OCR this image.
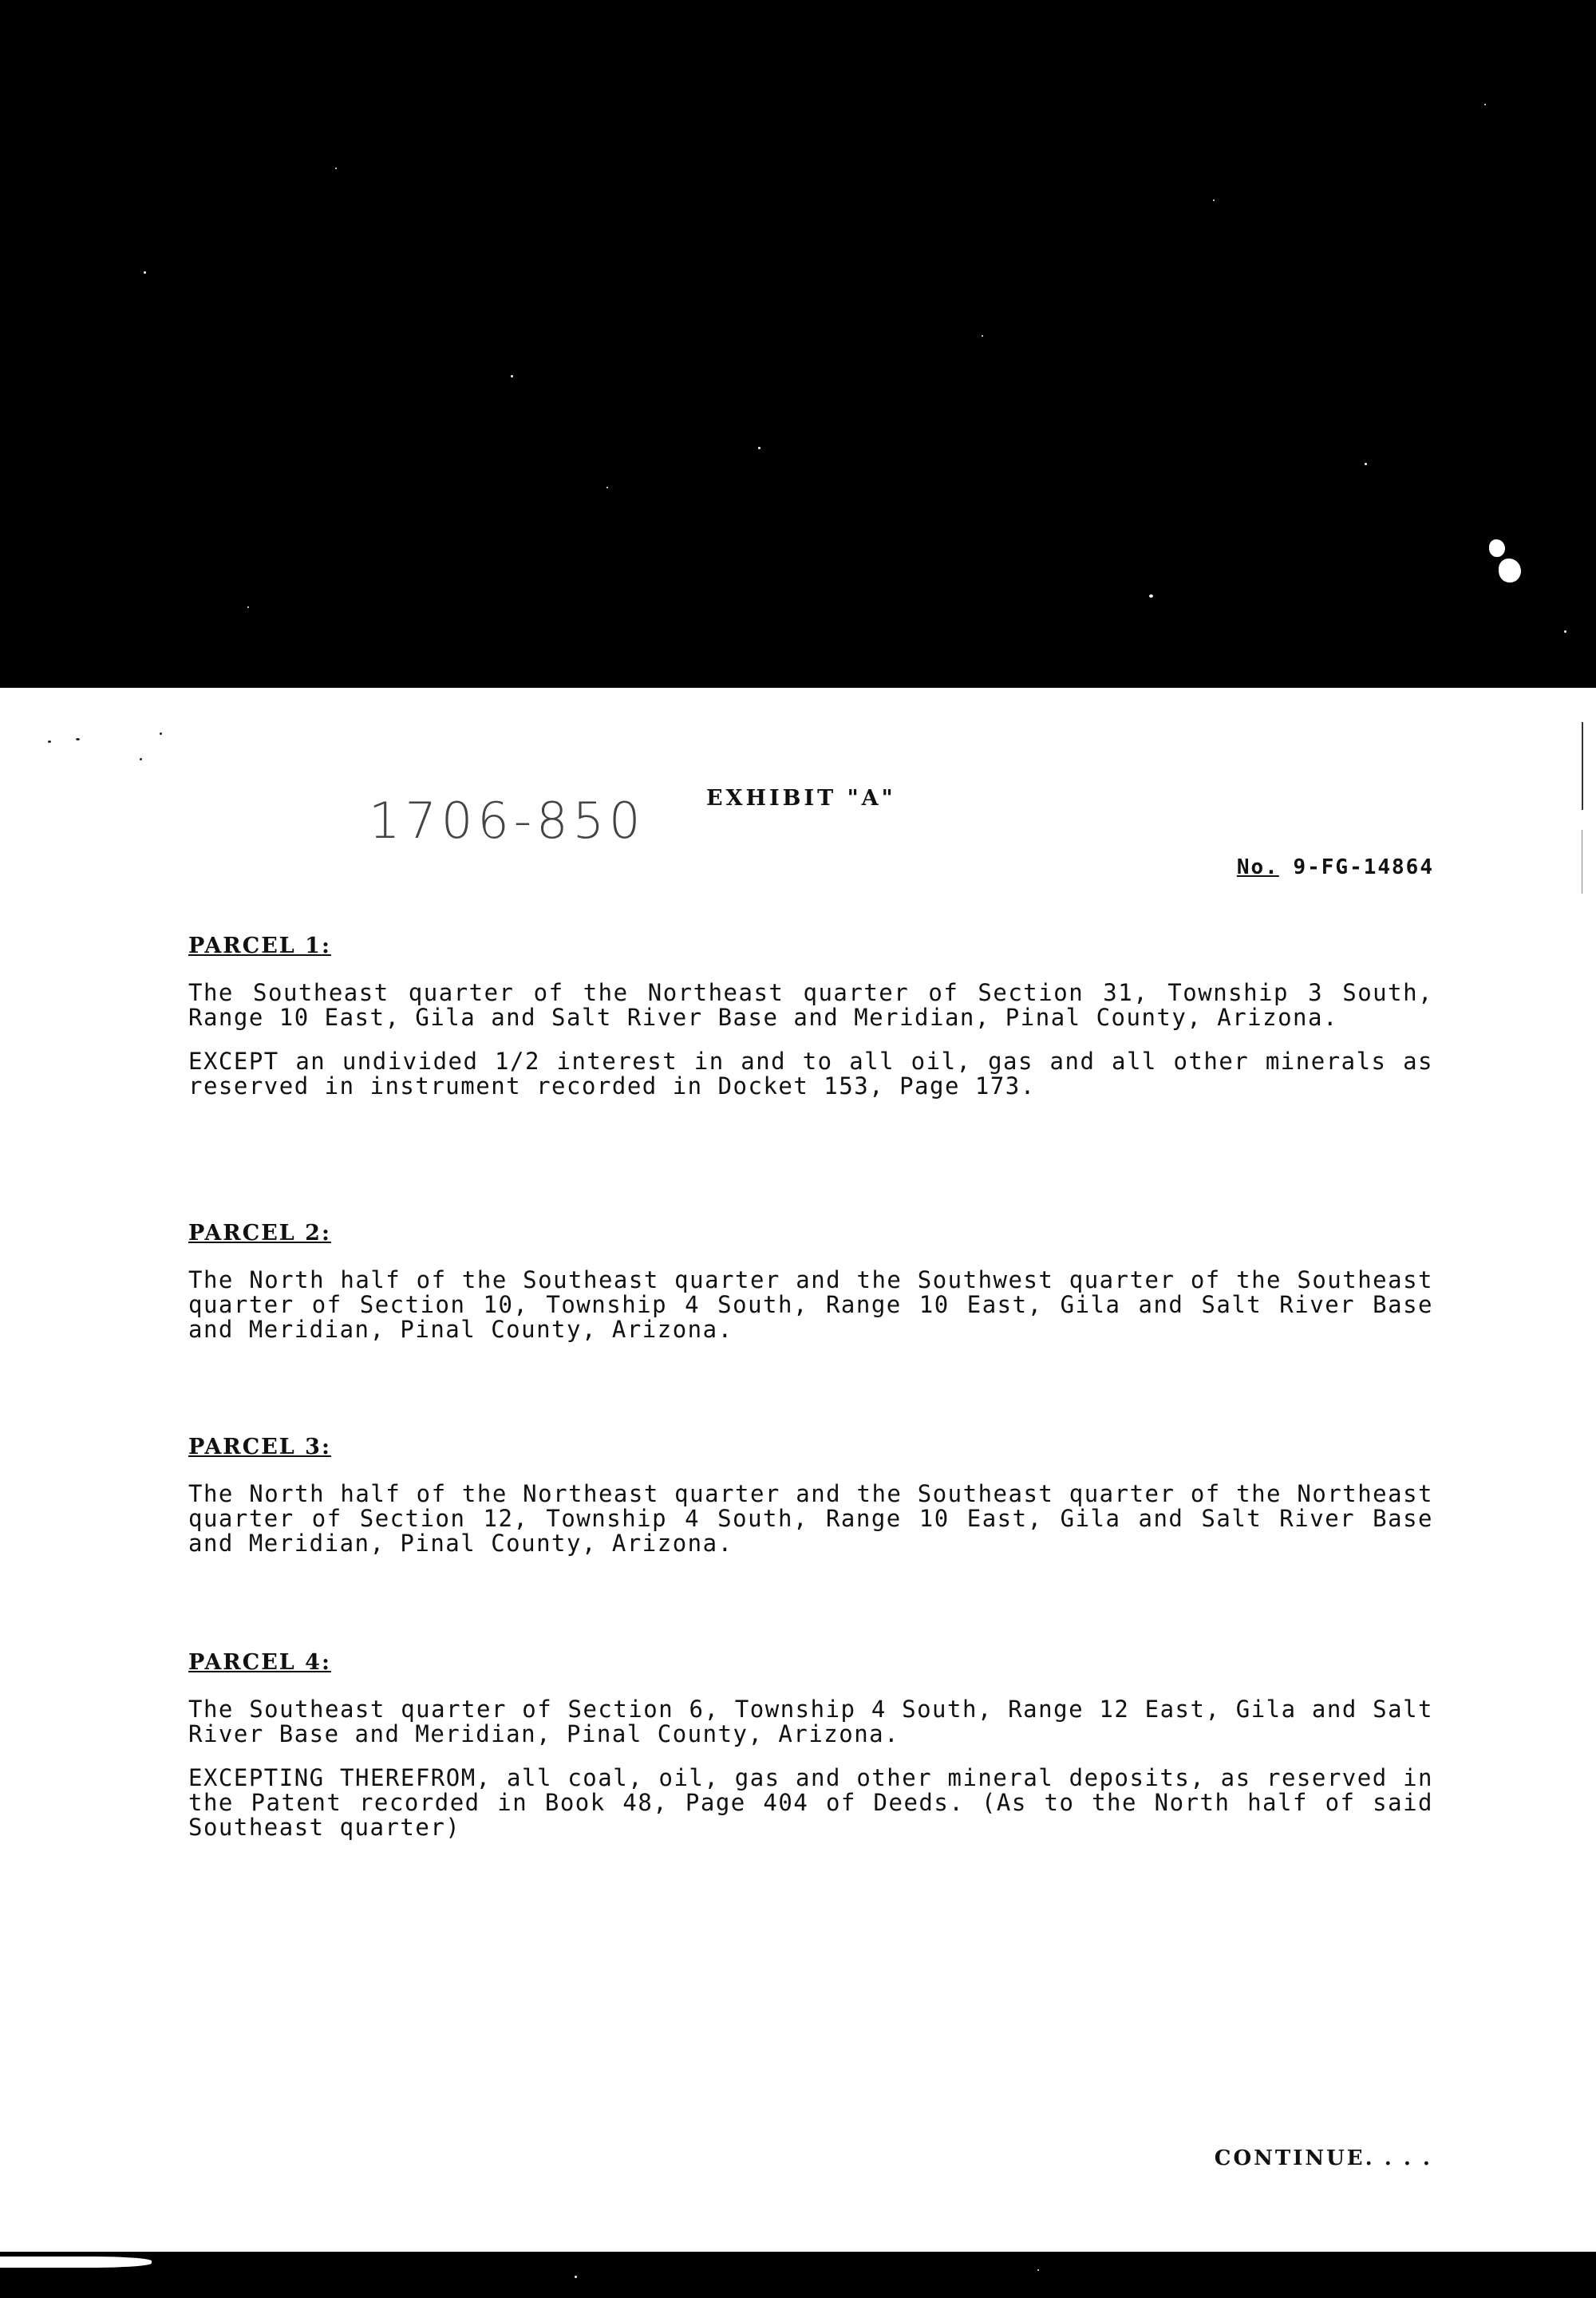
1706-850	EXHIBIT "A"
No. 9-FG-14864
PARCEL 1:
The Southeast quarter of the Northeast quarter of Section 31, Township 3 South, Range 10 East, Gila and Salt River Base and Meridian, Pinal County, Arizona.
EXCEPT an undivided 1/2 interest in and to all oil, gas and all other minerals as reserved in instrument recorded in Docket 153, Page 173.
PARCEL 2:
The North half of the Southeast quarter and the Southwest quarter of the Southeast quarter of Section 10, Township 4 South, Range 10 East, Gila and Salt River Base and Meridian, Pinal County, Arizona.
PARCEL 3:
The North half of the Northeast quarter and the Southeast quarter of the Northeast quarter of Section 12, Township 4 South, Range 10 East, Gila and Salt River Base and Meridian, Pinal County, Arizona.
PARCEL 4:
The Southeast quarter of Section 6, Township 4 South, Range 12 East, Gila and Salt River Base and Meridian, Pinal County, Arizona.
EXCEPTING THEREFROM, all coal, oil, gas and other mineral deposits, as reserved in the Patent recorded in Book 48, Page 404 of Deeds. (As to the North half of said Southeast quarter)
CONTINUE. . . .
